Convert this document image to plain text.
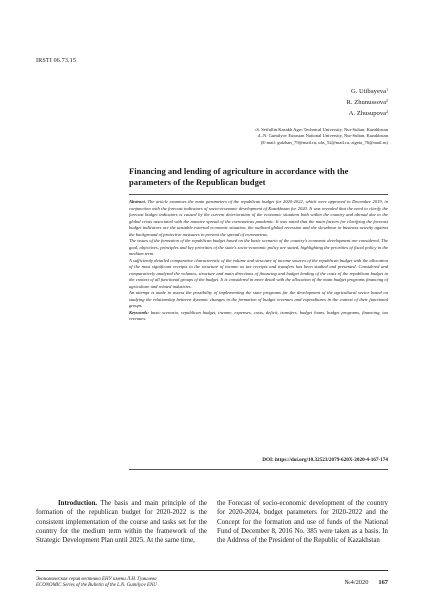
IRSTI 06.73.15
G. Utibayeva$^1$
R. Zhunussova$^2$
A. Zhusupova$^2$
$^1$S. Seifullin Kazakh Agro Technical University, Nur-Sultan, Kazakhstan
$^2$L.N. Gumilyov Eurasian National University, Nur-Sultan, Kazakhstan
(E-mail: gulzhan_79@mail.ru, uhs_52@mail.ru, zigeia_76@mail.ru)
Financing and lending of agriculture in accordance with the parameters of the Republican budget

Abstract. The article examines the main parameters of the republican budget for 2020-2022, which were approved in December 2019, in conjunction with the forecast indicators of socio-economic development of Kazakhstan for 2020. It was revealed that the need to clarify the forecast budget indicators is caused by the current deterioration of the economic situation both within the country and abroad due to the global crisis associated with the massive spread of the coronavirus pandemic. It was noted that the main factors for clarifying the forecast budget indicators are the unstable external economic situation, the outlined global recession and the slowdown in business activity against the background of protective measures to prevent the spread of coronavirus.

The issues of the formation of the republican budget based on the basic scenario of the country's economic development are considered. The goal, objectives, principles and key priorities of the state's socio-economic policy are stated, highlighting the priorities of fiscal policy in the medium term.

A sufficiently detailed comparative characteristic of the volume and structure of income sources of the republican budget with the allocation of the most significant receipts in the structure of income as tax receipts and transfers has been studied and presented. Considered and comparatively analyzed the volumes, structure and main directions of financing and budget lending of the costs of the republican budget in the context of all functional groups of the budget. It is considered in more detail with the allocation of the main budget programs financing of agriculture and related industries.

An attempt is made to assess the possibility of implementing the state programs for the development of the agricultural sector based on studying the relationship between dynamic changes in the formation of budget revenues and expenditures in the context of their functional groups.

Keywords: basic scenario, republican budget, income, expenses, costs, deficit, transfers, budget loans, budget programs, financing, tax revenues.

DOI: https://doi.org/10.32523/2079-620X-2020-4-167-174
Introduction. The basis and main principle of the formation of the republican budget for 2020-2022 is the consistent implementation of the course and tasks set for the country for the medium term within the framework of the Strategic Development Plan until 2025. At the same time,
the Forecast of socio-economic development of the country for 2020-2024, budget parameters for 2020-2022 and the Concept for the formation and use of funds of the National Fund of December 8, 2016 No. 385 were taken as a basis. In the Address of the President of the Republic of Kazakhstan
Экономическая серия вестника ЕНУ имени Л.Н. Гумилева
ECONOMIC Series of the Bulletin of the L.N. Gumilyov ENU	№4/2020 167
